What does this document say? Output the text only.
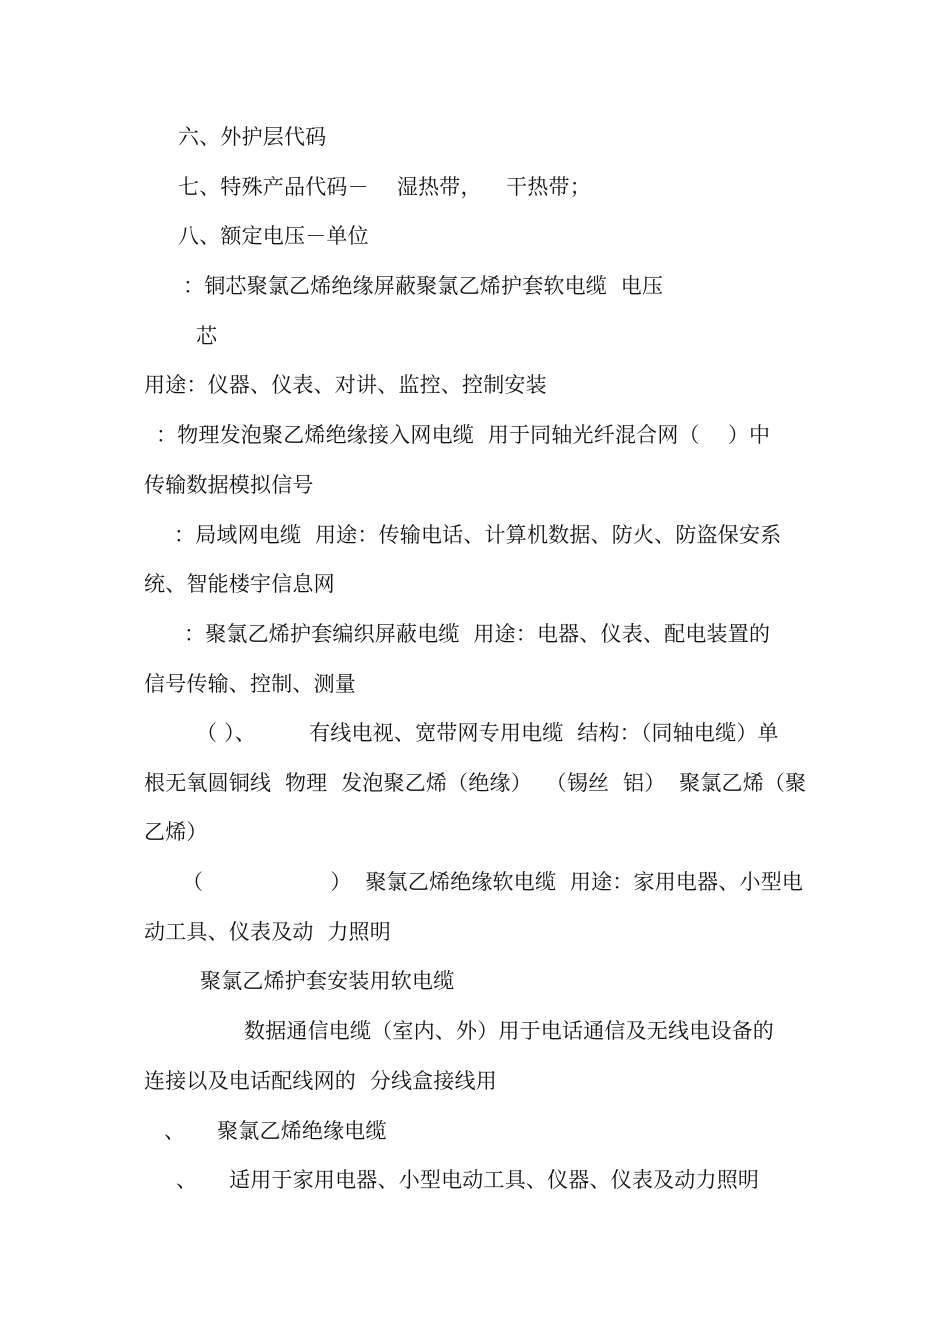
六、外护层代码
七、特殊产品代码－　 湿热带，　  干热带；
八、额定电压－单位
：铜芯聚氯乙烯绝缘屏蔽聚氯乙烯护套软电缆  电压
芯
用途：仪器、仪表、对讲、监控、控制安装
：物理发泡聚乙烯绝缘接入网电缆  用于同轴光纤混合网（　 ）中
传输数据模拟信号
：局域网电缆  用途：传输电话、计算机数据、防火、防盗保安系
统、智能楼宇信息网
：聚氯乙烯护套编织屏蔽电缆  用途：电器、仪表、配电装置的
信号传输、控制、测量
（ ）、　　　有线电视、宽带网专用电缆  结构：（同轴电缆）单
根无氧圆铜线  物理  发泡聚乙烯（绝缘）  （锡丝  铝）  聚氯乙烯（聚
乙烯）
（　　　　　　）  聚氯乙烯绝缘软电缆  用途：家用电器、小型电
动工具、仪表及动  力照明
聚氯乙烯护套安装用软电缆
数据通信电缆（室内、外）用于电话通信及无线电设备的
连接以及电话配线网的  分线盒接线用
、　　聚氯乙烯绝缘电缆
、　　适用于家用电器、小型电动工具、仪器、仪表及动力照明
